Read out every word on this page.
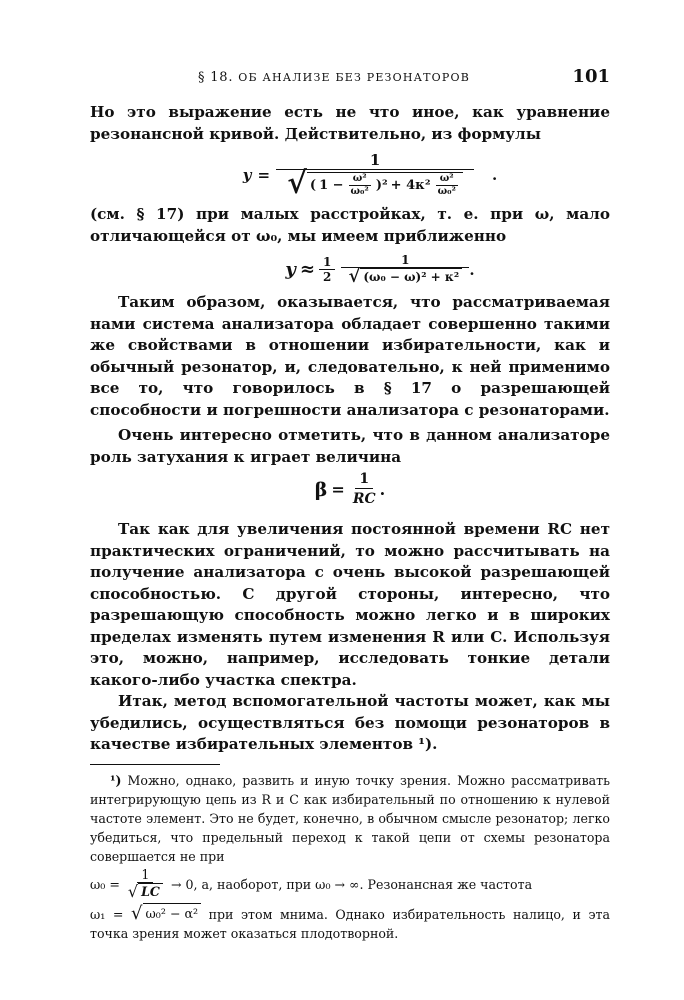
§ 18. ОБ АНАЛИЗЕ БЕЗ РЕЗОНАТОРОВ	101

Но это выражение есть не что иное, как уравнение резонансной кривой. Действительно, из формулы

y =
1
√ ( $1 - \frac{\text{ω²}}{\text{ω₀²}} )^2 + 4\kappa^2 \frac{\text{ω²}}{\text{ω₀²}}$ .

(см. § 17) при малых расстройках, т. е. при ω, мало отличающейся от ω₀, мы имеем приближенно

$y \approx \frac{1}{2} \frac{1}{\text{√ (ω₀ − ω)² + κ²}}$ .

Таким образом, оказывается, что рассматриваемая нами система анализатора обладает совершенно такими же свойствами в отношении избирательности, как и обычный резонатор, и, следовательно, к ней применимо все то, что говорилось в § 17 о разрешающей способности и погрешности анализатора с резонаторами.

Очень интересно отметить, что в данном анализаторе роль затухания κ играет величина

$\beta = \frac{1}{RC}$ .

Так как для увеличения постоянной времени RC нет практических ограничений, то можно рассчитывать на получение анализатора с очень высокой разрешающей способностью. С другой стороны, интересно, что разрешающую способность можно легко и в широких пределах изменять путем изменения R или C. Используя это, можно, например, исследовать тонкие детали какого-либо участка спектра.

Итак, метод вспомогательной частоты может, как мы убедились, осуществляться без помощи резонаторов в качестве избирательных элементов ¹).

¹) Можно, однако, развить и иную точку зрения. Можно рассматривать интегрирующую цепь из R и C как избирательный по отношению к нулевой частоте элемент. Это не будет, конечно, в обычном смысле резонатор; легко убедиться, что предельный переход к такой цепи от схемы резонатора совершается не при

$\omega_0 = \frac{1}{√ LC} \to 0$, а, наоборот, при ω₀ → ∞. Резонансная же частота

ω₁ = √ ω₀² − α² при этом мнима. Однако избирательность налицо, и эта точка зрения может оказаться плодотворной.
